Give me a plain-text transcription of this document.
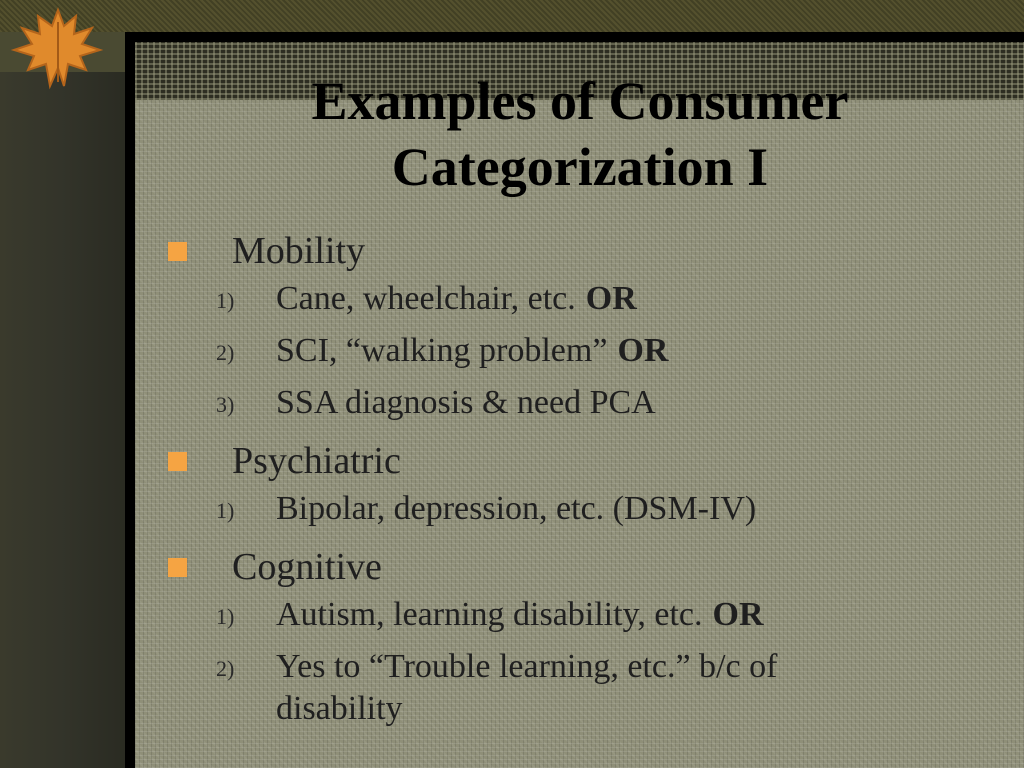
Examples of Consumer
Categorization I
Mobility
1) Cane, wheelchair, etc. OR
2) SCI, “walking problem” OR
3) SSA diagnosis & need PCA
Psychiatric
1) Bipolar, depression, etc. (DSM-IV)
Cognitive
1) Autism, learning disability, etc. OR
2) Yes to “Trouble learning, etc.” b/c of
disability
